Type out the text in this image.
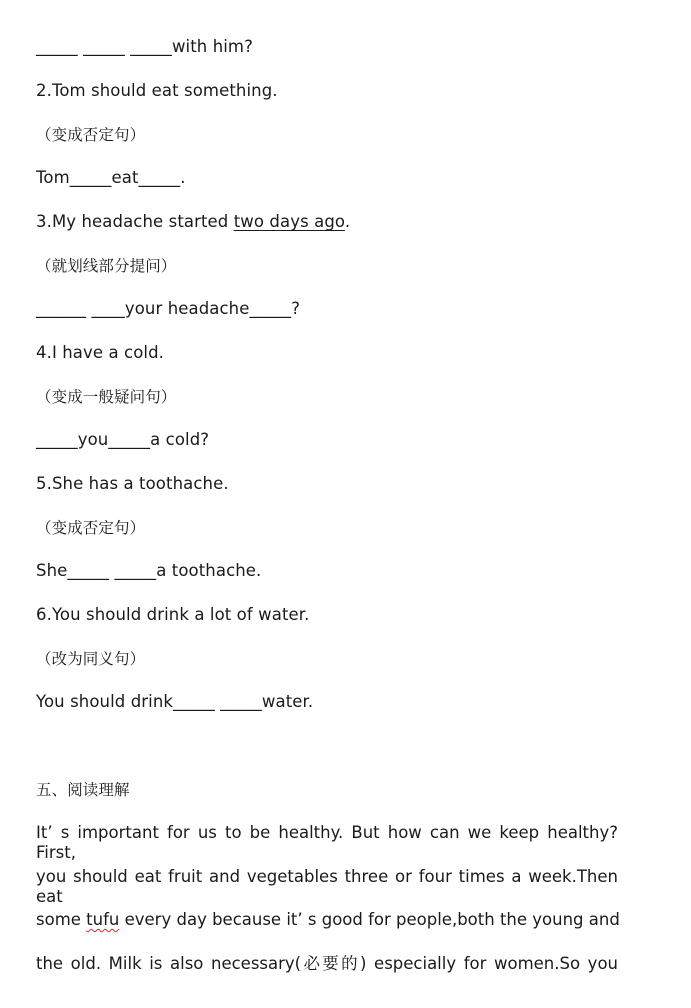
_____ _____ _____with him?
2.Tom should eat something.
（变成否定句）
Tom_____eat_____.
3.My headache started two days ago.
（就划线部分提问）
______ ____your headache_____?
4.I have a cold.
（变成一般疑问句）
_____you_____a cold?
5.She has a toothache.
（变成否定句）
She_____ _____a toothache.
6.You should drink a lot of water.
（改为同义句）
You should drink_____ _____water.
五、阅读理解
It’ s important for us to be healthy. But how can we keep healthy? First,
you should eat fruit and vegetables three or four times a week.Then eat
some tufu every day because it’ s good for people,both the young and
the old. Milk is also necessary(必要的) especially for women.So you
